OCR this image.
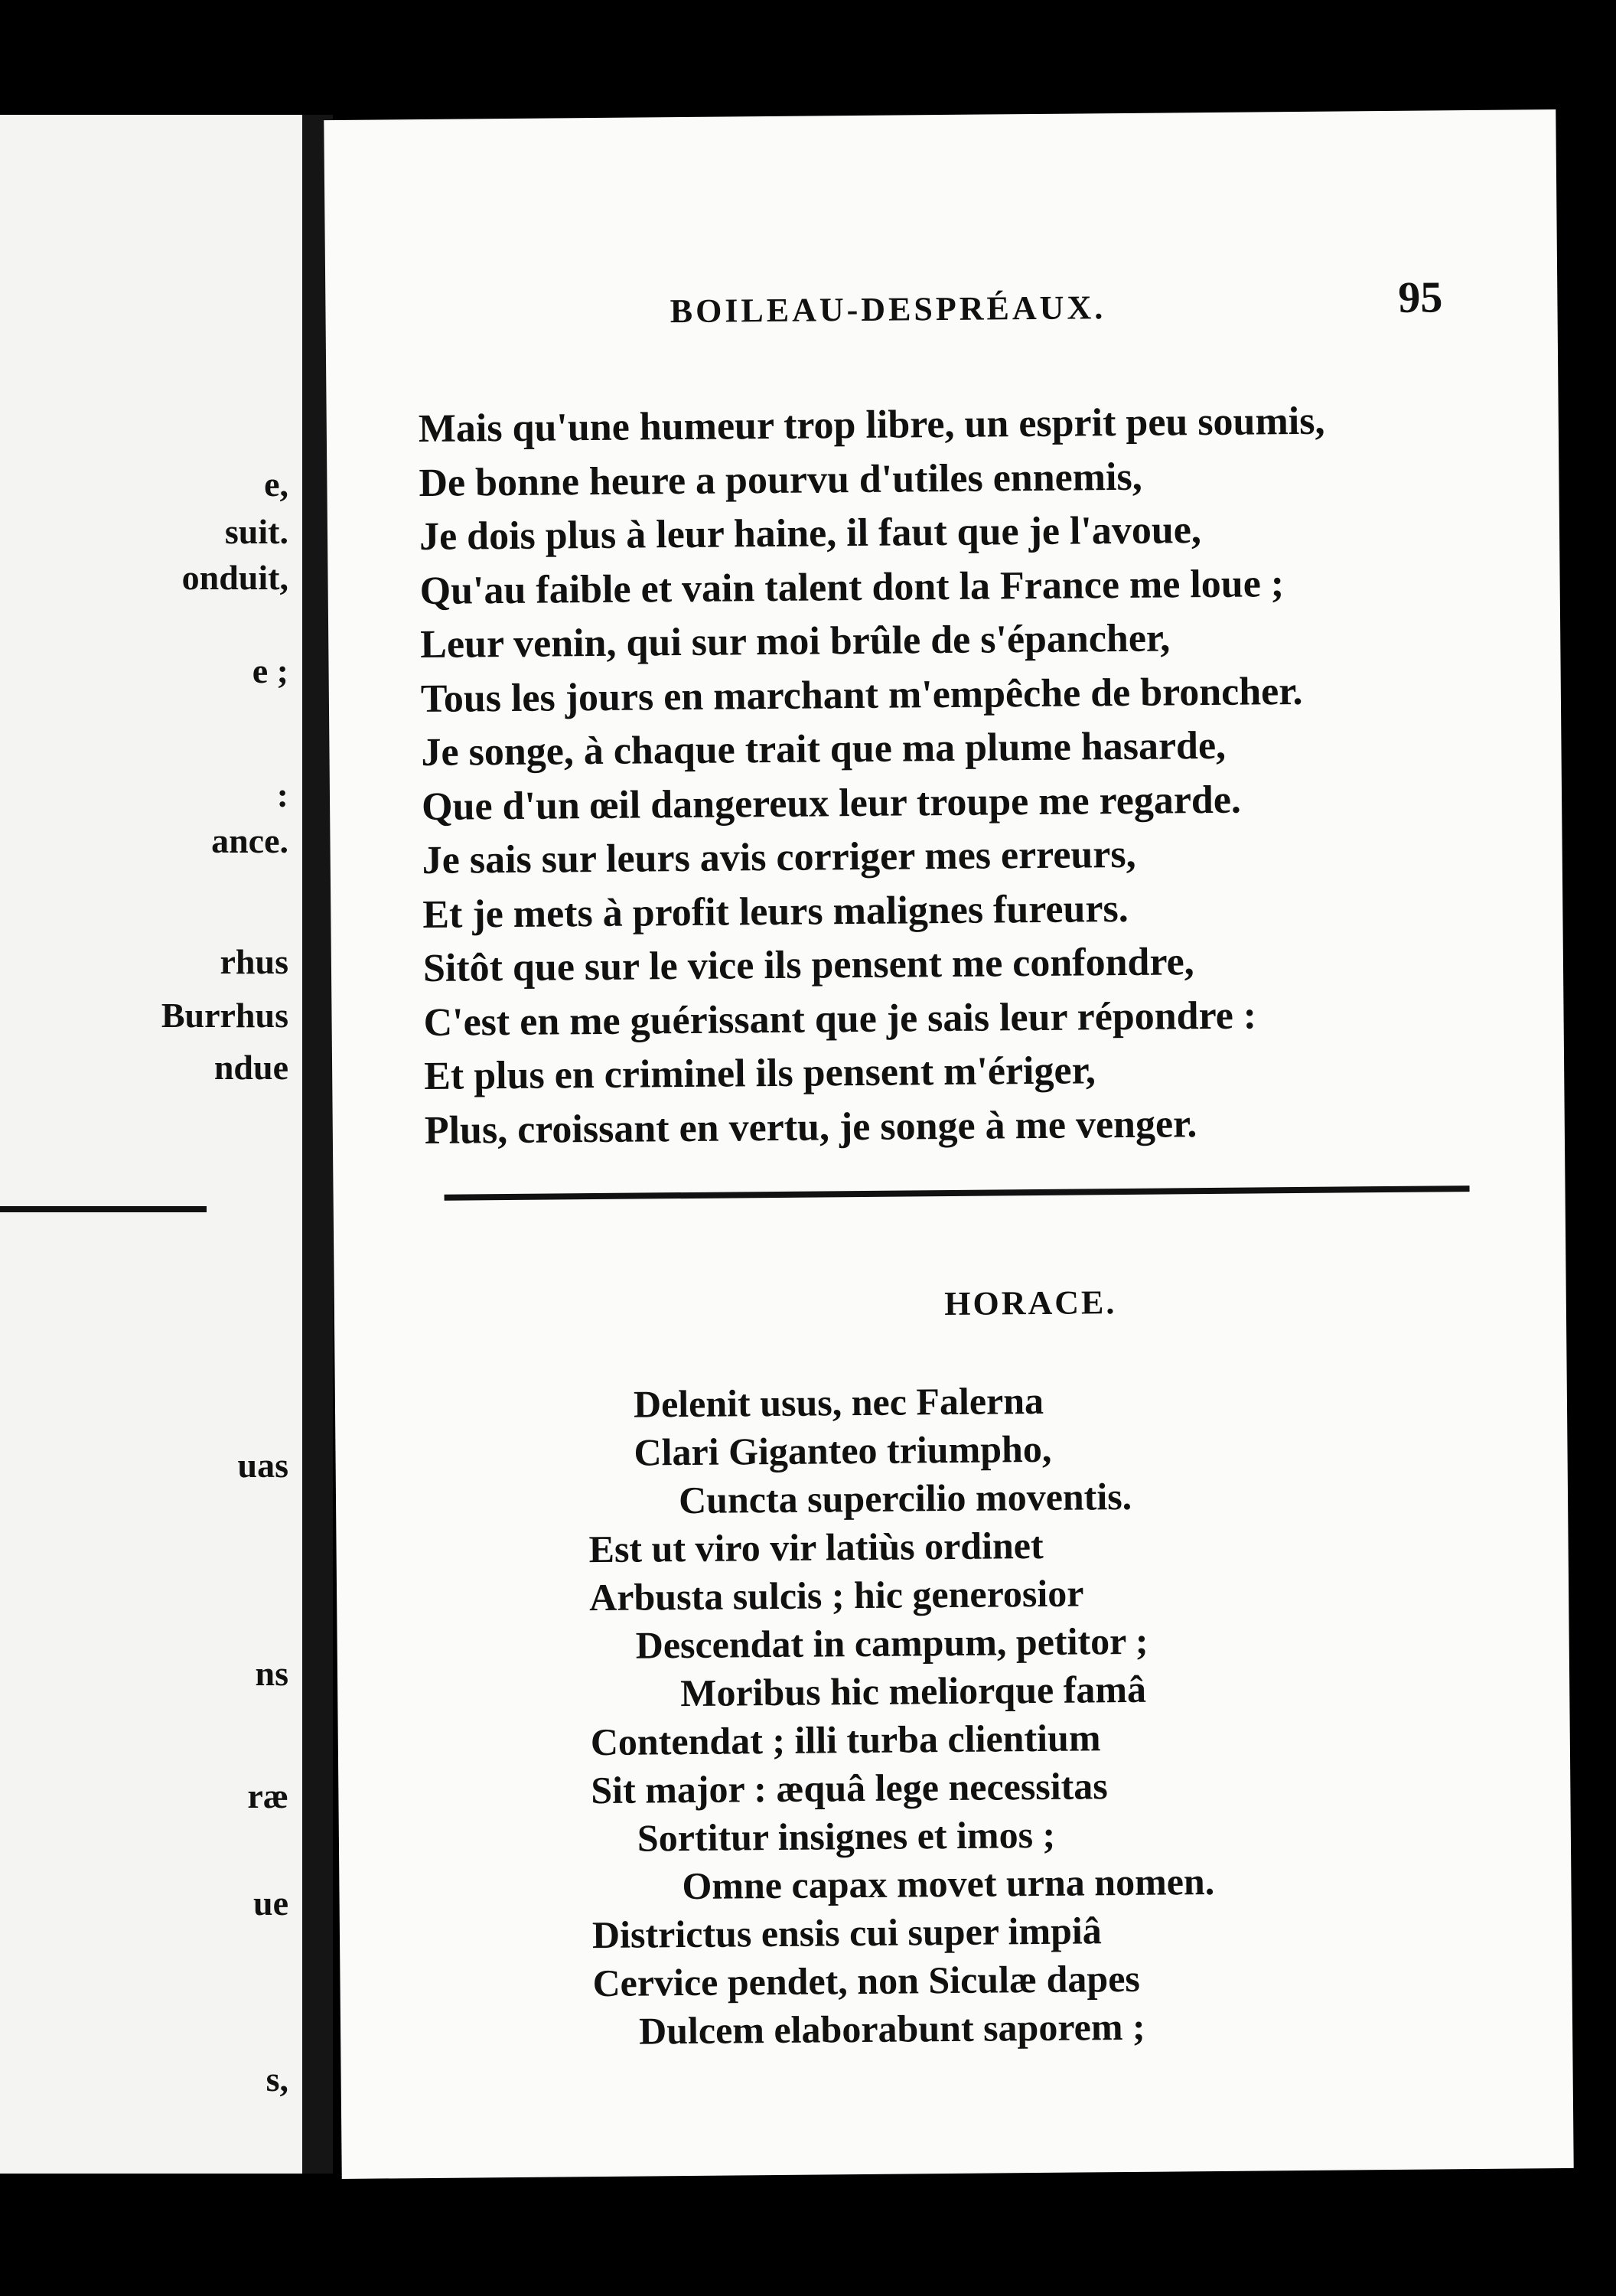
e,
suit.
onduit,
e ;
:
ance.
rhus
Burrhus
ndue
uas
ns
ræ
ue
s,
BOILEAU-DESPRÉAUX.	95
Mais qu'une humeur trop libre, un esprit peu soumis,
De bonne heure a pourvu d'utiles ennemis,
Je dois plus à leur haine, il faut que je l'avoue,
Qu'au faible et vain talent dont la France me loue ;
Leur venin, qui sur moi brûle de s'épancher,
Tous les jours en marchant m'empêche de broncher.
Je songe, à chaque trait que ma plume hasarde,
Que d'un œil dangereux leur troupe me regarde.
Je sais sur leurs avis corriger mes erreurs,
Et je mets à profit leurs malignes fureurs.
Sitôt que sur le vice ils pensent me confondre,
C'est en me guérissant que je sais leur répondre :
Et plus en criminel ils pensent m'ériger,
Plus, croissant en vertu, je songe à me venger.
HORACE.
Delenit usus, nec Falerna
Clari Giganteo triumpho,
Cuncta supercilio moventis.
Est ut viro vir latiùs ordinet
Arbusta sulcis ; hic generosior
Descendat in campum, petitor ;
Moribus hic meliorque famâ
Contendat ; illi turba clientium
Sit major : æquâ lege necessitas
Sortitur insignes et imos ;
Omne capax movet urna nomen.
Districtus ensis cui super impiâ
Cervice pendet, non Siculæ dapes
Dulcem elaborabunt saporem ;
